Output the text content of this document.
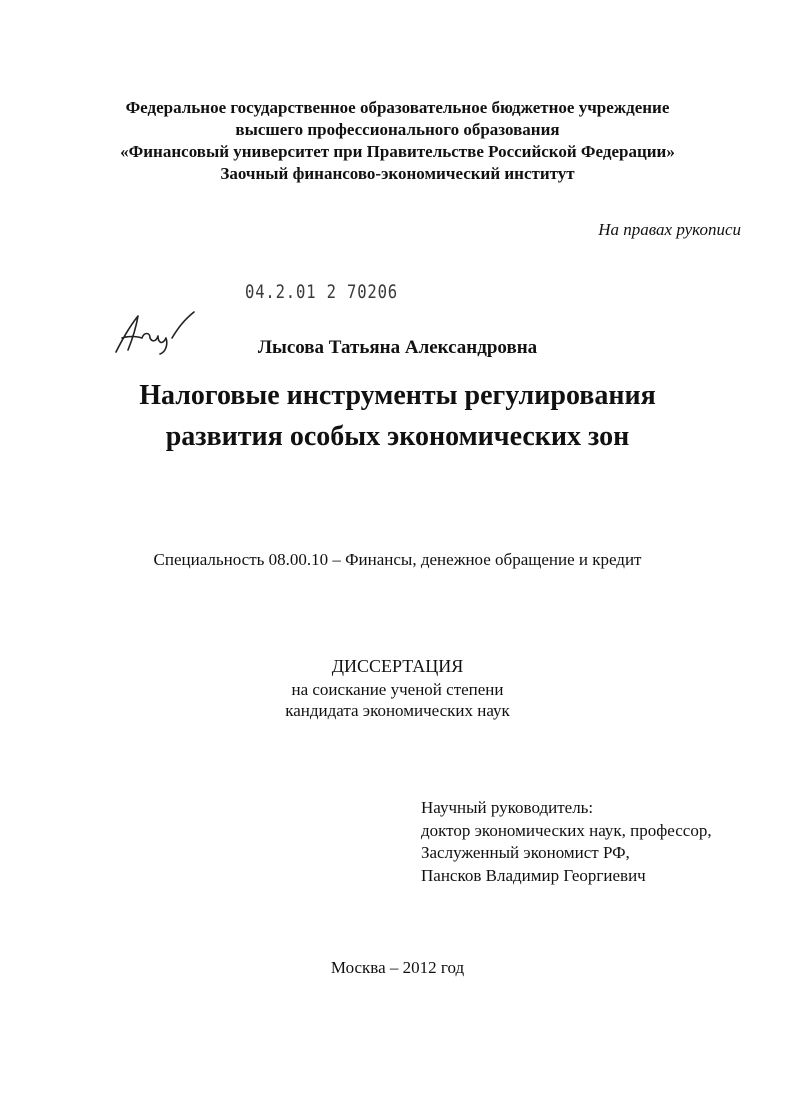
Федеральное государственное образовательное бюджетное учреждение
высшего профессионального образования
«Финансовый университет при Правительстве Российской Федерации»
Заочный финансово-экономический институт
На правах рукописи
04.2.01 2 70206
Лысова Татьяна Александровна
Налоговые инструменты регулирования
развития особых экономических зон
Специальность 08.00.10 – Финансы, денежное обращение и кредит
ДИССЕРТАЦИЯ
на соискание ученой степени
кандидата экономических наук
Научный руководитель:
доктор экономических наук, профессор,
Заслуженный экономист РФ,
Пансков Владимир Георгиевич
Москва – 2012 год
